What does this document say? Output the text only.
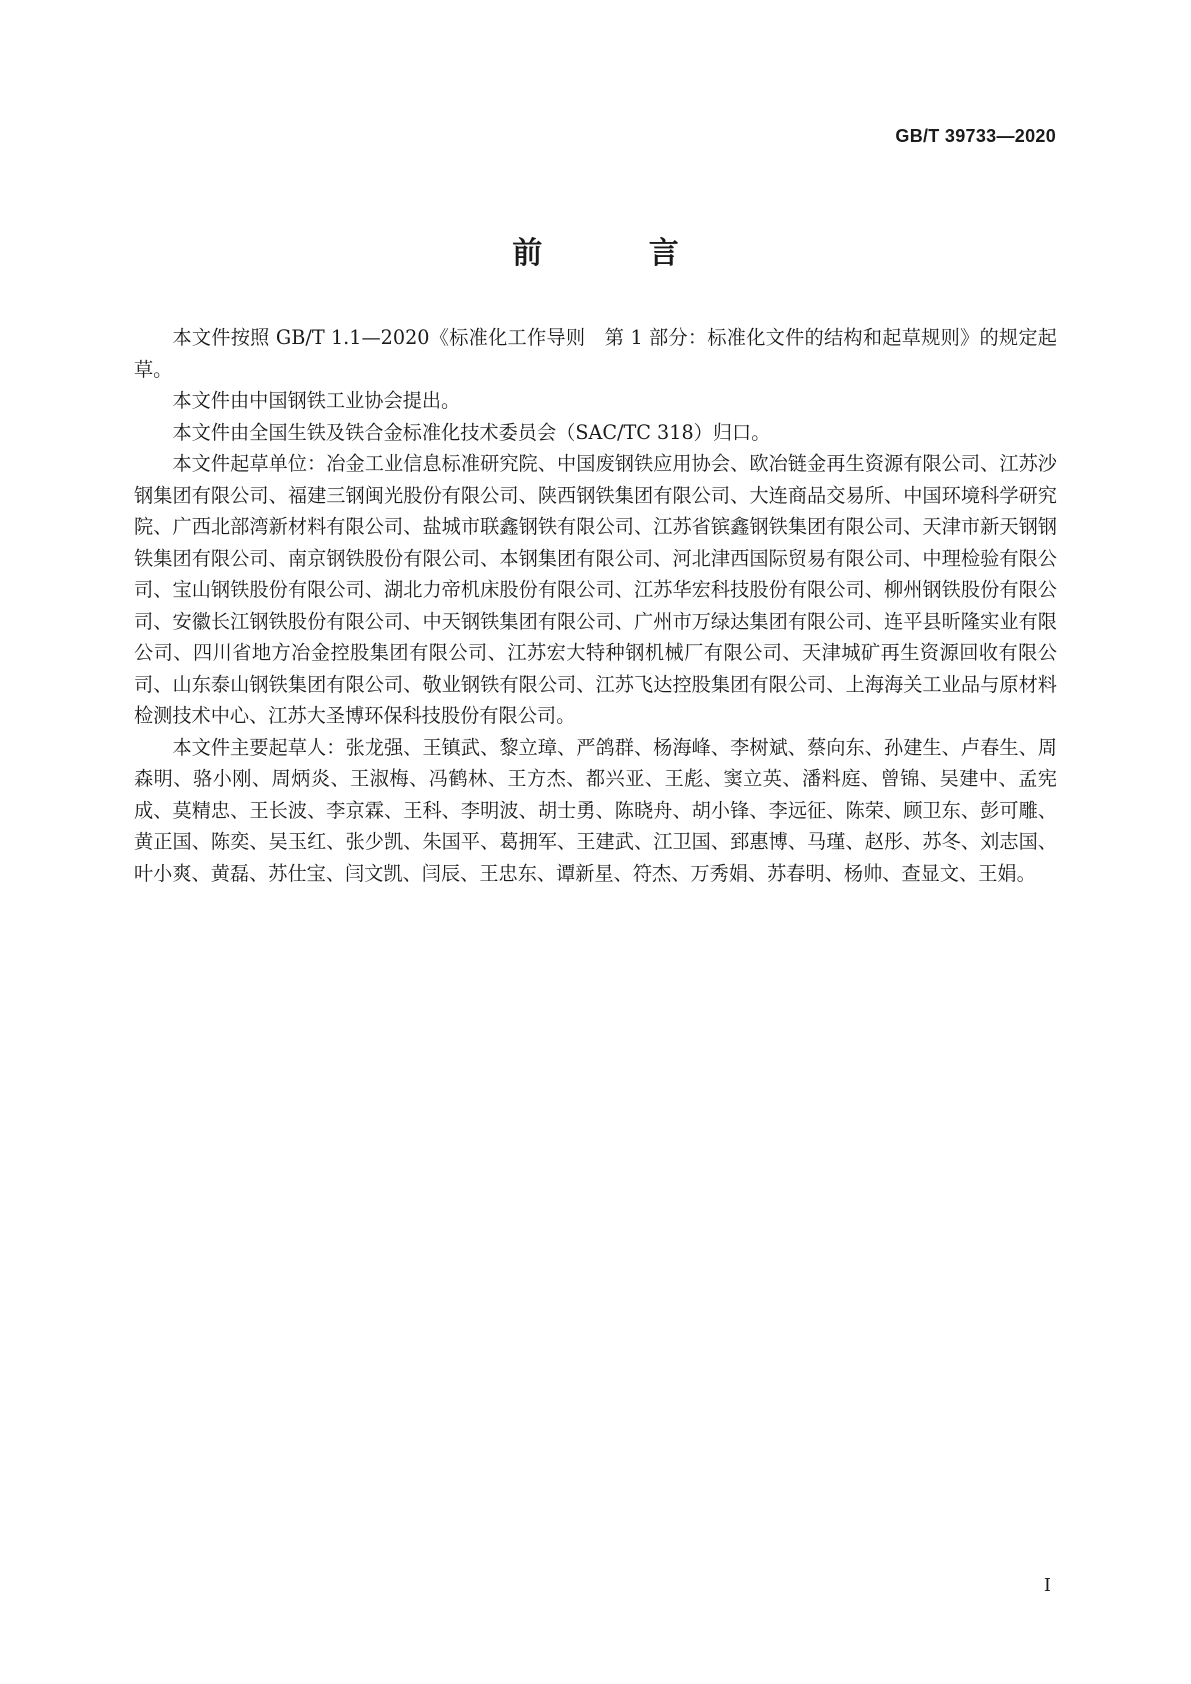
GB/T 39733—2020
前 言

本文件按照 GB/T 1.1—2020《标准化工作导则　第 1 部分：标准化文件的结构和起草规则》的规定起草。

本文件由中国钢铁工业协会提出。

本文件由全国生铁及铁合金标准化技术委员会（SAC/TC 318）归口。

本文件起草单位：冶金工业信息标准研究院、中国废钢铁应用协会、欧冶链金再生资源有限公司、江苏沙钢集团有限公司、福建三钢闽光股份有限公司、陕西钢铁集团有限公司、大连商品交易所、中国环境科学研究院、广西北部湾新材料有限公司、盐城市联鑫钢铁有限公司、江苏省镔鑫钢铁集团有限公司、天津市新天钢钢铁集团有限公司、南京钢铁股份有限公司、本钢集团有限公司、河北津西国际贸易有限公司、中理检验有限公司、宝山钢铁股份有限公司、湖北力帝机床股份有限公司、江苏华宏科技股份有限公司、柳州钢铁股份有限公司、安徽长江钢铁股份有限公司、中天钢铁集团有限公司、广州市万绿达集团有限公司、连平县昕隆实业有限公司、四川省地方冶金控股集团有限公司、江苏宏大特种钢机械厂有限公司、天津城矿再生资源回收有限公司、山东泰山钢铁集团有限公司、敬业钢铁有限公司、江苏飞达控股集团有限公司、上海海关工业品与原材料检测技术中心、江苏大圣博环保科技股份有限公司。

本文件主要起草人：张龙强、王镇武、黎立璋、严鸽群、杨海峰、李树斌、蔡向东、孙建生、卢春生、周森明、骆小刚、周炳炎、王淑梅、冯鹤林、王方杰、都兴亚、王彪、窦立英、潘料庭、曾锦、吴建中、孟宪成、莫精忠、王长波、李京霖、王科、李明波、胡士勇、陈晓舟、胡小锋、李远征、陈荣、顾卫东、彭可雕、黄正国、陈奕、吴玉红、张少凯、朱国平、葛拥军、王建武、江卫国、郅惠博、马瑾、赵彤、苏冬、刘志国、叶小爽、黄磊、苏仕宝、闫文凯、闫辰、王忠东、谭新星、符杰、万秀娟、苏春明、杨帅、查显文、王娟。

I
